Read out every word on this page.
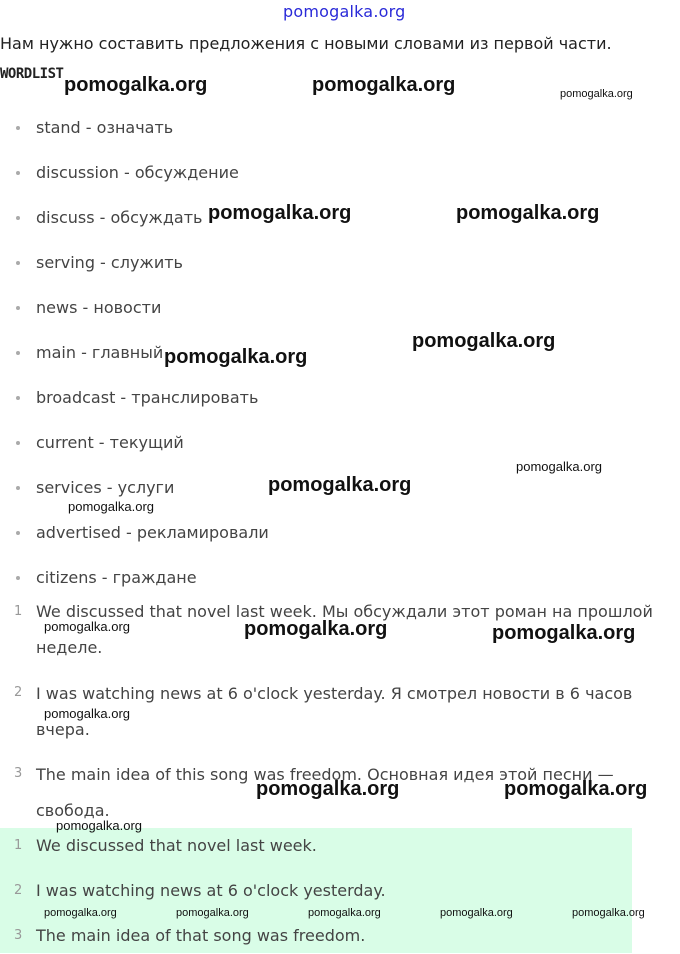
pomogalka.org
Нам нужно составить предложения с новыми словами из первой части.
WORDLIST
stand - означать
discussion - обсуждение
discuss - обсуждать
serving - служить
news - новости
main - главный
broadcast - транслировать
current - текущий
services - услуги
advertised - рекламировали
citizens - граждане
1 We discussed that novel last week. Мы обсуждали этот роман на прошлой неделе.
2 I was watching news at 6 o'clock yesterday. Я смотрел новости в 6 часов вчера.
3 The main idea of this song was freedom. Основная идея этой песни — свобода.
1 We discussed that novel last week.
2 I was watching news at 6 o'clock yesterday.
3 The main idea of that song was freedom.
pomogalka.org	pomogalka.org	pomogalka.org
pomogalka.org	pomogalka.org
pomogalka.org
pomogalka.org
pomogalka.org
pomogalka.org
pomogalka.org
pomogalka.org	pomogalka.org	pomogalka.org
pomogalka.org
pomogalka.org	pomogalka.org
pomogalka.org
pomogalka.org	pomogalka.org	pomogalka.org	pomogalka.org	pomogalka.org
